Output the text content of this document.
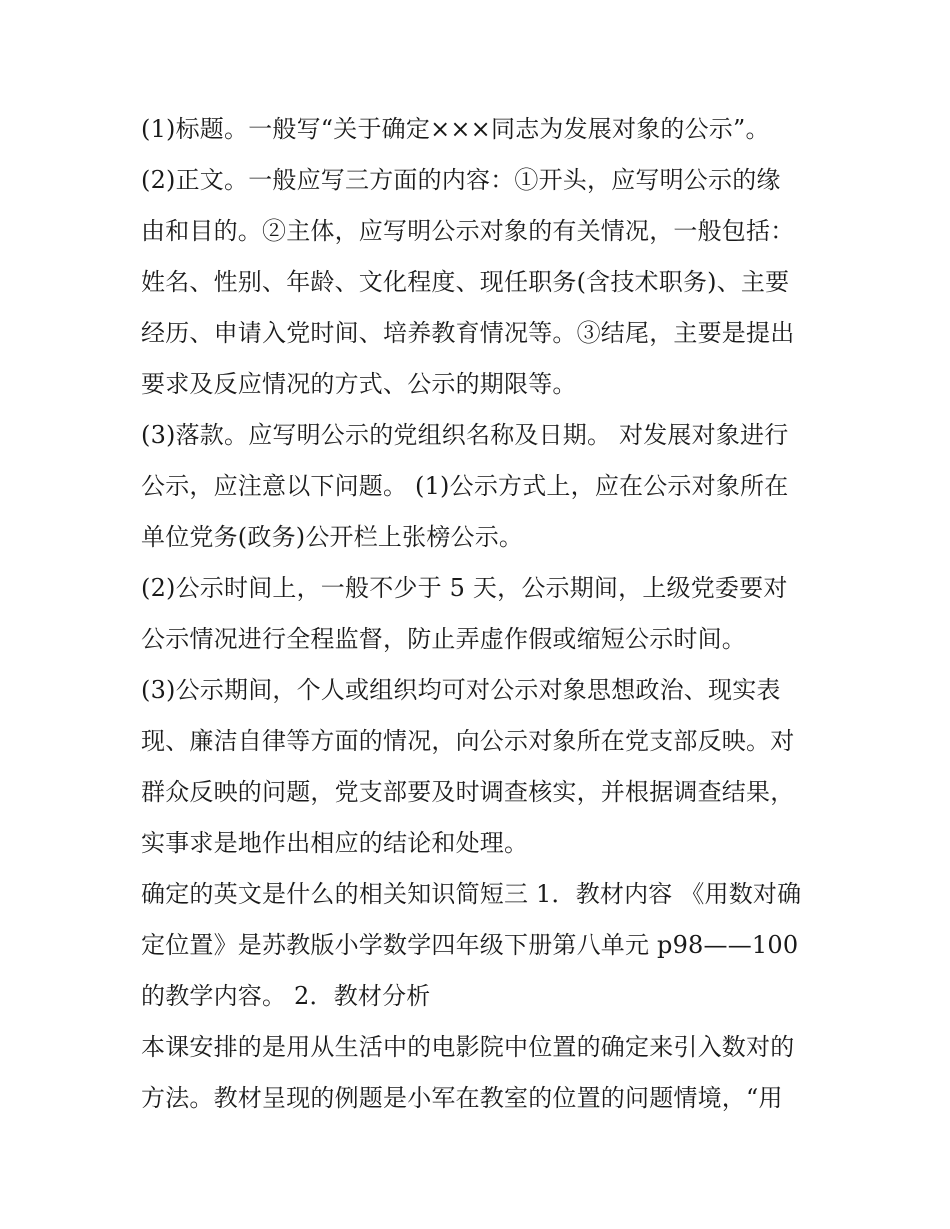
(1)标题。一般写“关于确定×××同志为发展对象的公示”。
(2)正文。一般应写三方面的内容：①开头，应写明公示的缘
由和目的。②主体，应写明公示对象的有关情况，一般包括：
姓名、性别、年龄、文化程度、现任职务(含技术职务)、主要
经历、申请入党时间、培养教育情况等。③结尾，主要是提出
要求及反应情况的方式、公示的期限等。
(3)落款。应写明公示的党组织名称及日期。 对发展对象进行
公示，应注意以下问题。 (1)公示方式上，应在公示对象所在
单位党务(政务)公开栏上张榜公示。
(2)公示时间上，一般不少于 5 天，公示期间，上级党委要对
公示情况进行全程监督，防止弄虚作假或缩短公示时间。
(3)公示期间，个人或组织均可对公示对象思想政治、现实表
现、廉洁自律等方面的情况，向公示对象所在党支部反映。对
群众反映的问题，党支部要及时调查核实，并根据调查结果，
实事求是地作出相应的结论和处理。
确定的英文是什么的相关知识简短三 1．教材内容 《用数对确
定位置》是苏教版小学数学四年级下册第八单元 p98——100
的教学内容。 2．教材分析
本课安排的是用从生活中的电影院中位置的确定来引入数对的
方法。教材呈现的例题是小军在教室的位置的问题情境，“用
